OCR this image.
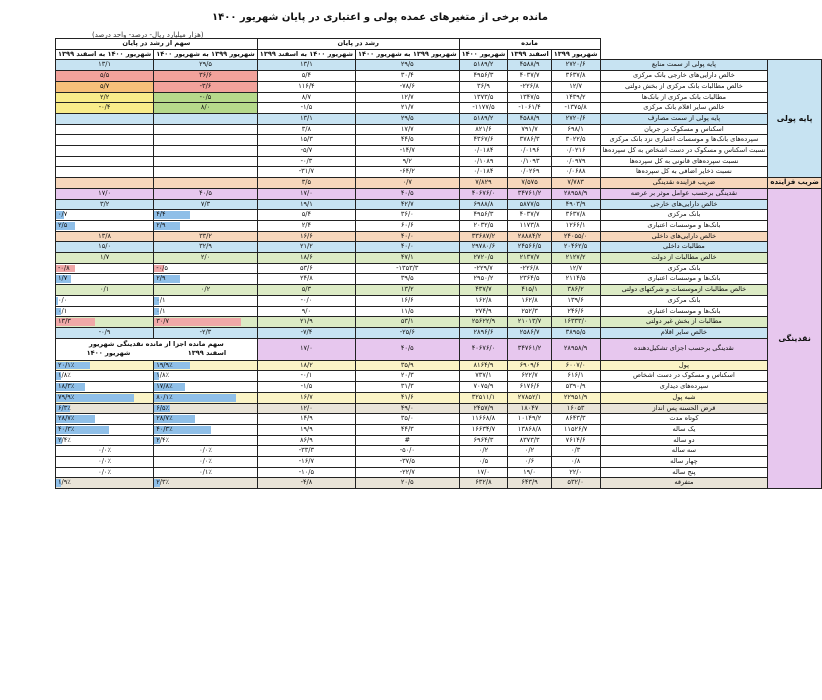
مانده برخی از متغیرهای عمده پولی و اعتباری در پایان شهریور ۱۴۰۰
(هزار میلیارد ریال- درصد- واحد درصد)
سهم از رشد در پایان		رشد در پایان		مانده				
شهریور ۱۴۰۰ به اسفند ۱۳۹۹	شهریور ۱۳۹۹ به شهریور ۱۴۰۰	شهریور ۱۴۰۰ به اسفند ۱۳۹۹	شهریور ۱۳۹۹ به شهریور ۱۴۰۰	شهریور ۱۴۰۰	اسفند ۱۳۹۹	شهریور ۱۳۹۹		
۱۳/۱	۲۹/۵	۱۳/۱	۲۹/۵	۵۱۸۹/۲	۴۵۸۸/۹	۲۷۲۰/۶	پایه پولی از سمت منابع	پایه پولی
۵/۵	۳۶/۶	۵/۴	۳۰/۴	۴۹۵۶/۳	۴۰۳۷/۷	۳۶۳۷/۸	خالص دارایی‌های خارجی بانک مرکزی	
۵/۷	-۳/۶	۱۱۶/۴	-۷۸/۶	۳۶/۹	-۲۲۶/۸	۱۲/۷	خالص مطالبات بانک مرکزی از بخش دولتی	
۲/۲	-۰/۵	۸/۷	۱۲/۷	۱۳۷۳/۵	۱۳۴۷/۵	۱۴۳۹/۲	مطالبات بانک مرکزی از بانک‌ها	
-۰/۴	۸/۰	-۱/۵	۲۱/۷	-۱۱۷۷/۵	-۱۰۶۱/۴	-۱۳۷۵/۸	خالص سایر اقلام بانک مرکزی	
		۱۳/۱	۲۹/۵	۵۱۸۹/۲	۴۵۸۸/۹	۲۷۲۰/۶	پایه پولی از سمت مصارف	
		۳/۸	۱۷/۷	۸۲۱/۶	۷۹۱/۷	۶۹۸/۱	اسکناس و مسکوک در جریان	
		۱۵/۳	۴۴/۵	۴۳۶۷/۶	۳۷۸۶/۳	۳۰۲۲/۵	سپرده‌های بانک‌ها و موسسات اعتباری نزد بانک مرکزی	
		-۵/۷	-۱۴/۷	۰/۰۱۸۴	۰/۰۱۹۶	۰/۰۲۱۶	نسبت اسکناس و مسکوک در دست اشخاص به کل سپرده‌ها	
		-۰/۳	۹/۲	۰/۱۰۸۹	۰/۱۰۹۳	۰/۰۹۷۹	نسبت سپرده‌های قانونی به کل سپرده‌ها	
		-۳۱/۷	-۶۴/۲	۰/۰۱۸۴	۰/۰۲۶۹	۰/۰۶۸۸	نسبت ذخایر اضافی به کل سپرده‌ها	
		۳/۵	۰/۷	۷/۸۲۹	۷/۵۷۵	۷/۷۸۳	ضریب فزاینده نقدینگی	ضریب فزاینده
۱۷/۰	۴۰/۵	۱۷/۰	۴۰/۵	۴۰۶۷۶/۰	۳۴۷۶۱/۲	۲۸۹۵۸/۹	نقدینگی برحسب عوامل موثر بر عرضه	نقدینگی
۳/۲	۷/۳	۱۹/۱	۴۲/۷	۶۹۸۸/۸	۵۸۷۷/۵	۴۹۰۳/۹	خالص دارایی‌های خارجی	

۰/۷	۴/۴	۵/۴	۳۶/۰	۴۹۵۶/۳	۴۰۳۷/۷	۳۶۳۷/۸	بانک مرکزی	

۲/۵	۲/۹	۲/۴	۶۰/۶	۲۰۳۲/۵	۱۱۷۳/۸	۱۲۶۶/۱	بانک‌ها و موسسات اعتباری	
۱۳/۸	۳۳/۲	۱۶/۶	۴۰/۰	۳۳۶۸۷/۲	۲۸۸۸۴/۲	۲۴۰۵۵/۰	خالص دارایی‌های داخلی	
۱۵/۰	۳۲/۹	۲۱/۲	۴۰/۰	۲۹۷۸۰/۶	۲۴۵۶۶/۵	۲۰۴۶۲/۵	مطالبات داخلی	
۱/۷	۲/۰	۱۸/۶	۴۷/۱	۲۷۲۰/۵	۲۱۳۷/۷	۲۱۲۷/۲	خالص مطالبات از دولت	

-۰/۸	-۰/۵	۵۳/۶	-۱۳۵۳/۳	-۲۲۹/۷	-۲۲۶/۸	۱۲/۷	بانک مرکزی	

۱/۷	۲/۹	۲۴/۸	۳۹/۵	۲۹۵۰/۲	۲۳۶۴/۵	۲۱۱۴/۵	بانک‌ها و موسسات اعتباری	
۰/۱	۰/۲	۵/۳	۱۳/۲	۴۳۷/۷	۴۱۵/۱	۳۸۶/۲	خالص مطالبات ازموسسات و شرکتهای دولتی	

۰/۰	۰/۱	-۰/۰	۱۶/۶	۱۶۲/۸	۱۶۲/۸	۱۳۹/۶	بانک مرکزی	

۰/۱	۰/۱	۹/۰	۱۱/۵	۲۷۴/۹	۲۵۲/۳	۲۴۶/۶	بانک‌ها و موسسات اعتباری	

۱۳/۳	۳۰/۷	۲۱/۹	۵۳/۱	۲۵۶۲۲/۹	۲۱۰۱۳/۷	۱۶۳۳۳/۰	مطالبات از بخش غیر دولتی	
-۰/۹	-۲/۳	-۷/۴	-۲۵/۶	۲۸۹۶/۶	۲۵۸۶/۷	۳۸۹۵/۵	خالص سایر اقلام	

سهم مانده اجزا از مانده نقدینگی شهریور
شهریور ۱۴۰۰ اسفند ۱۳۹۹		۱۷/۰	۴۰/۵	۴۰۶۷۶/۰	۳۴۷۶۱/۲	۲۸۹۵۸/۹	نقدینگی برحسب اجزای تشکیل‌دهنده	

۲۰/۱٪	۱۹/۹٪	۱۸/۲	۳۵/۹	۸۱۶۴/۹	۶۹۰۹/۶	۶۰۰۷/۰	پول	

۱/۸٪	۱/۸٪	-۰/۱	۲۰/۳	۷۳۷/۱	۶۲۲/۷	۶۱۶/۱	اسکناس و مسکوک در دست اشخاص	

۱۸/۳٪	۱۷/۸٪	-۱/۵	۳۱/۳	۷۰۷۵/۹	۶۱۷۶/۶	۵۳۹۰/۹	سپرده‌های دیداری	

۷۹/۹٪	۸۰/۱٪	۱۶/۷	۴۱/۶	۳۲۵۱۱/۱	۲۷۸۵۲/۱	۲۲۹۵۱/۹	شبه پول	

۶/۳٪	۶/۵٪	۱۲/۰	۴۹/۰	۲۴۵۷/۹	۱۸۰۴۷	۱۶۰۵۳	قرض الحسنه پس انداز	

۲۸/۷٪	۲۸/۷٪	۱۴/۹	۳۵/۰	۱۱۶۶۸/۸	۱۰۱۴۹/۲	۸۶۴۳/۳	کوتاه مدت	

۴۰/۳٪	۴۰/۳٪	۱۹/۹	۴۴/۳	۱۶۶۳۴/۷	۱۳۸۶۸/۸	۱۱۵۲۶/۷	یک ساله	

۲/۴٪	۲/۴٪	۸۶/۹	#	۶۹۶۴/۳	۸۳۷۳/۳	۷۶۱۴/۶	دو ساله	
۰/۰٪	۰/۰٪	-۳۳/۳	-۵۰/۰	۰/۲	۰/۲	۰/۳	سه ساله	
۰/۰٪	۰/۰٪	-۱۶/۷	-۳۷/۵	۰/۵	۰/۶	۰/۸	چهار ساله	
۰/۰٪	۰/۱٪	-۱۰/۵	-۲۲/۷	۱۷/۰	۱۹/۰	۲۲/۰	پنج ساله	

۱/۹٪	۲/۳٪	-۴/۸	۲۰/۵	۶۳۲/۸	۶۴۳/۹	۵۳۲/۰	متفرقه	
